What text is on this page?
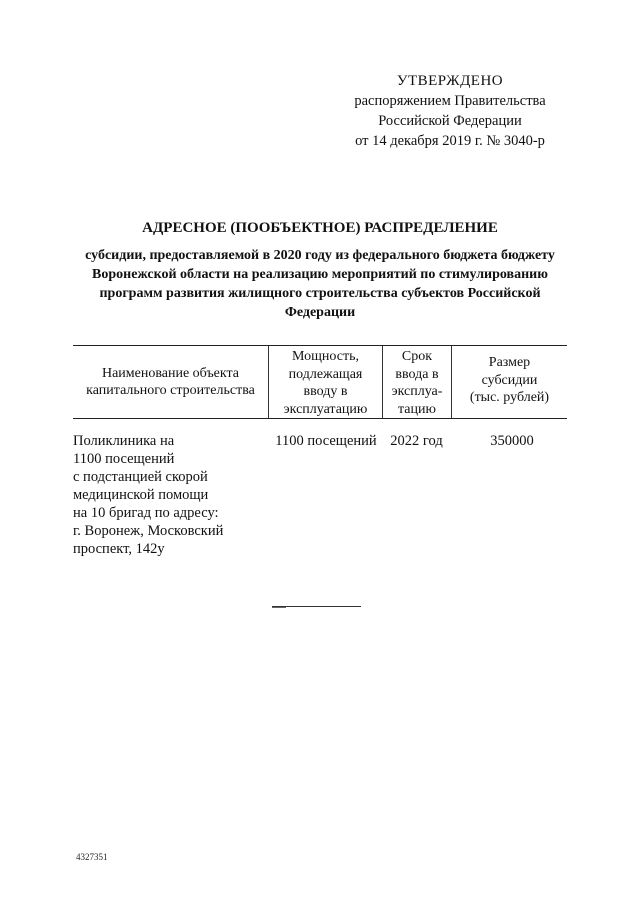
УТВЕРЖДЕНО
распоряжением Правительства
Российской Федерации
от 14 декабря 2019 г. № 3040-р
АДРЕСНОЕ (ПООБЪЕКТНОЕ) РАСПРЕДЕЛЕНИЕ
субсидии, предоставляемой в 2020 году из федерального бюджета бюджету Воронежской области на реализацию мероприятий по стимулированию программ развития жилищного строительства субъектов Российской Федерации
Наименование объекта
капитального строительства
Мощность,
подлежащая
вводу в
эксплуатацию
Срок
ввода в
эксплуа-
тацию
Размер
субсидии
(тыс. рублей)
Поликлиника на
1100 посещений
с подстанцией скорой
медицинской помощи
на 10 бригад по адресу:
г. Воронеж, Московский
проспект, 142у
1100 посещений 2022 год	350000
4327351
